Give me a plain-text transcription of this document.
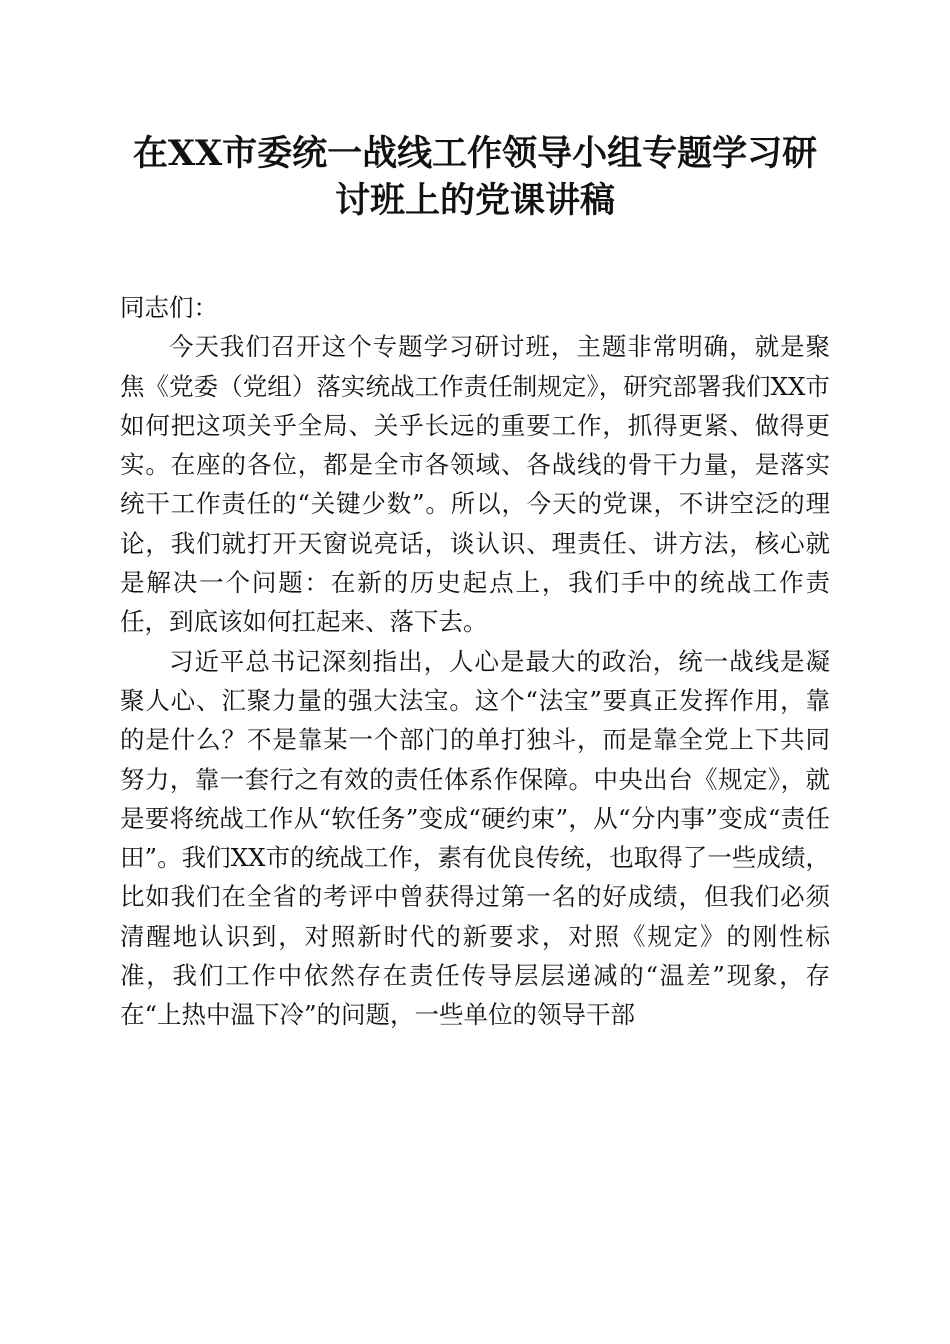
在XX市委统一战线工作领导小组专题学习研讨班上的党课讲稿

同志们：

今天我们召开这个专题学习研讨班，主题非常明确，就是聚焦《党委（党组）落实统战工作责任制规定》，研究部署我们XX市如何把这项关乎全局、关乎长远的重要工作，抓得更紧、做得更实。在座的各位，都是全市各领域、各战线的骨干力量，是落实统干工作责任的“关键少数”。所以，今天的党课，不讲空泛的理论，我们就打开天窗说亮话，谈认识、理责任、讲方法，核心就是解决一个问题：在新的历史起点上，我们手中的统战工作责任，到底该如何扛起来、落下去。

习近平总书记深刻指出，人心是最大的政治，统一战线是凝聚人心、汇聚力量的强大法宝。这个“法宝”要真正发挥作用，靠的是什么？不是靠某一个部门的单打独斗，而是靠全党上下共同努力，靠一套行之有效的责任体系作保障。中央出台《规定》，就是要将统战工作从“软任务”变成“硬约束”，从“分内事”变成“责任田”。我们XX市的统战工作，素有优良传统，也取得了一些成绩，比如我们在全省的考评中曾获得过第一名的好成绩，但我们必须清醒地认识到，对照新时代的新要求，对照《规定》的刚性标准，我们工作中依然存在责任传导层层递减的“温差”现象，存在“上热中温下冷”的问题，一些单位的领导干部
